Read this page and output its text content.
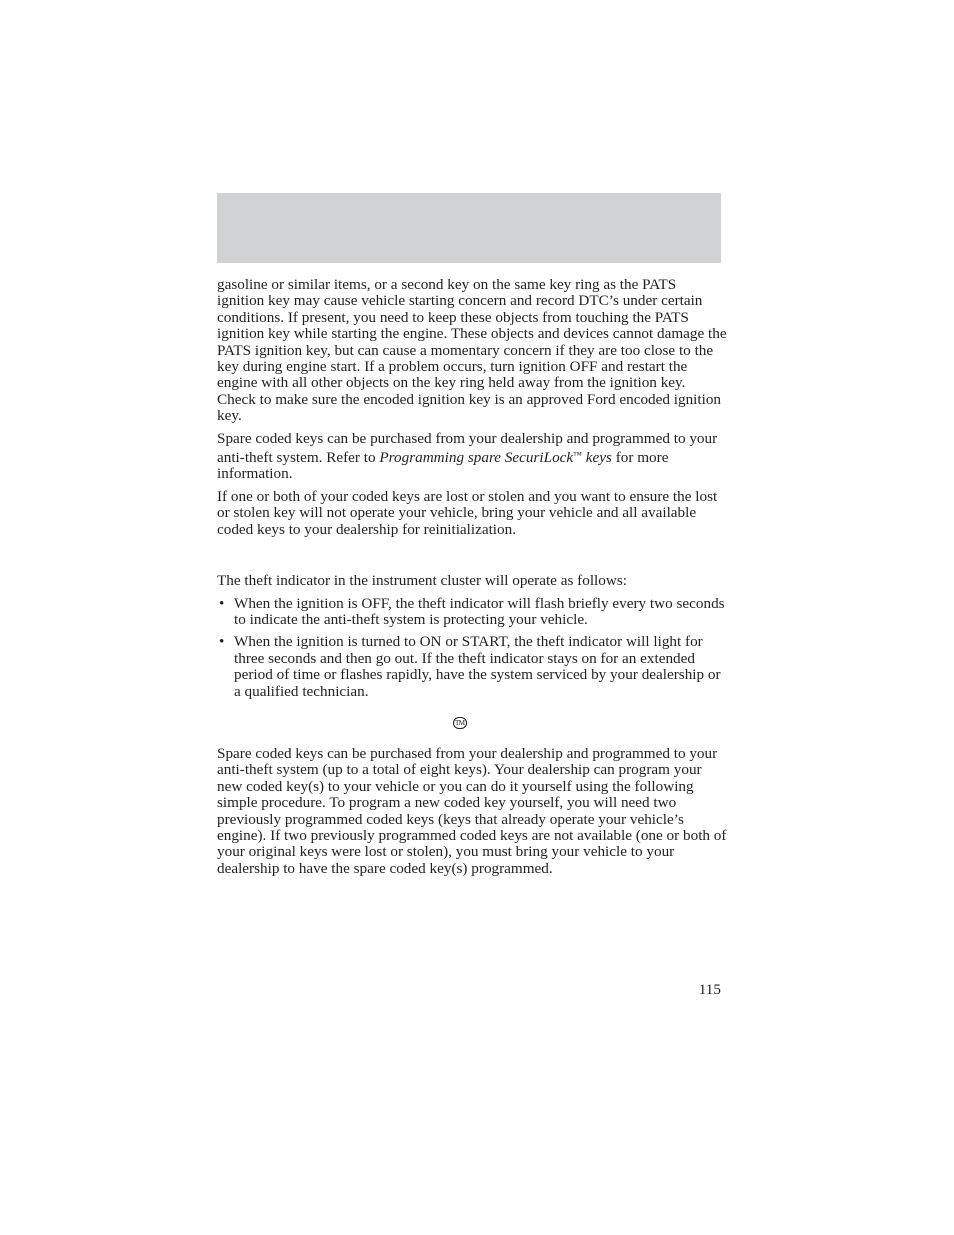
gasoline or similar items, or a second key on the same key ring as the PATS ignition key may cause vehicle starting concern and record DTC’s under certain conditions. If present, you need to keep these objects from touching the PATS ignition key while starting the engine. These objects and devices cannot damage the PATS ignition key, but can cause a momentary concern if they are too close to the key during engine start. If a problem occurs, turn ignition OFF and restart the engine with all other objects on the key ring held away from the ignition key. Check to make sure the encoded ignition key is an approved Ford encoded ignition key.

Spare coded keys can be purchased from your dealership and programmed to your anti-theft system. Refer to Programming spare SecuriLock™ keys for more information.

If one or both of your coded keys are lost or stolen and you want to ensure the lost or stolen key will not operate your vehicle, bring your vehicle and all available coded keys to your dealership for reinitialization.

The theft indicator in the instrument cluster will operate as follows:

• When the ignition is OFF, the theft indicator will flash briefly every two seconds to indicate the anti-theft system is protecting your vehicle.
• When the ignition is turned to ON or START, the theft indicator will light for three seconds and then go out. If the theft indicator stays on for an extended period of time or flashes rapidly, have the system serviced by your dealership or a qualified technician.
TM

Spare coded keys can be purchased from your dealership and programmed to your anti-theft system (up to a total of eight keys). Your dealership can program your new coded key(s) to your vehicle or you can do it yourself using the following simple procedure. To program a new coded key yourself, you will need two previously programmed coded keys (keys that already operate your vehicle’s engine). If two previously programmed coded keys are not available (one or both of your original keys were lost or stolen), you must bring your vehicle to your dealership to have the spare coded key(s) programmed.

115
